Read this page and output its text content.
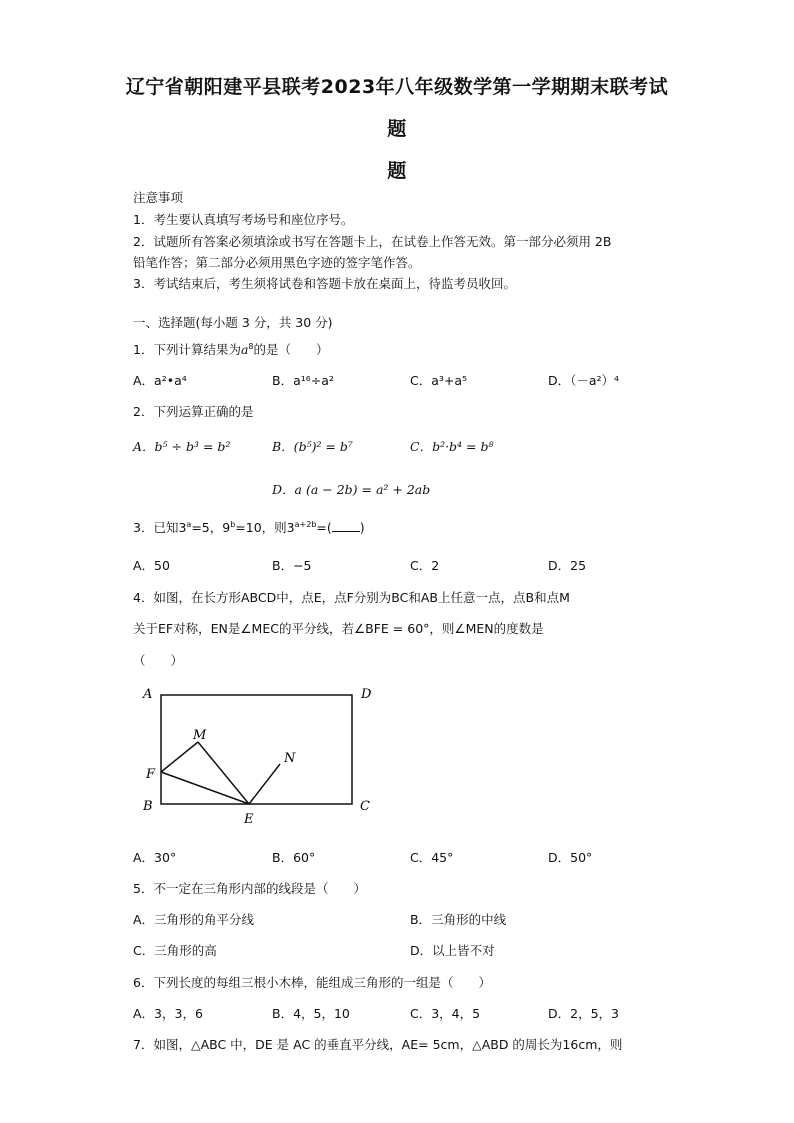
辽宁省朝阳建平县联考2023年八年级数学第一学期期末联考试
题
题
注意事项
1．考生要认真填写考场号和座位序号。
2．试题所有答案必须填涂或书写在答题卡上，在试卷上作答无效。第一部分必须用 2B
铅笔作答；第二部分必须用黑色字迹的签字笔作答。
3．考试结束后，考生须将试卷和答题卡放在桌面上，待监考员收回。
一、选择题(每小题 3 分，共 30 分)
1．下列计算结果为$a^8$的是（　　）
A．a²•a⁴	B．a¹⁶÷a²	C．a³+a⁵	D．（－a²）⁴
2．下列运算正确的是
A．b⁵ ÷ b³ = b²	B．(b⁵)² = b⁷	C．b²·b⁴ = b⁸
D．a (a − 2b) = a² + 2ab
3．已知$3^a=5$，$9^b=10$，则$3^{a+2b}=$( )
A．50	B．−5	C．2	D．25
4．如图，在长方形ABCD中，点E，点F分别为BC和AB上任意一点，点B和点M
关于EF对称，EN是∠MEC的平分线，若∠BFE = 60°，则∠MEN的度数是
（　　）
A	D
M
N
F
B
E
C
A．30°	B．60°	C．45°	D．50°
5．不一定在三角形内部的线段是（　　）
A．三角形的角平分线	B．三角形的中线
C．三角形的高	D．以上皆不对
6．下列长度的每组三根小木棒，能组成三角形的一组是（　　）
A．3，3，6	B．4，5，10	C．3，4，5	D．2，5，3
7．如图，△ABC 中，DE 是 AC 的垂直平分线，AE= 5cm，△ABD 的周长为16cm，则
